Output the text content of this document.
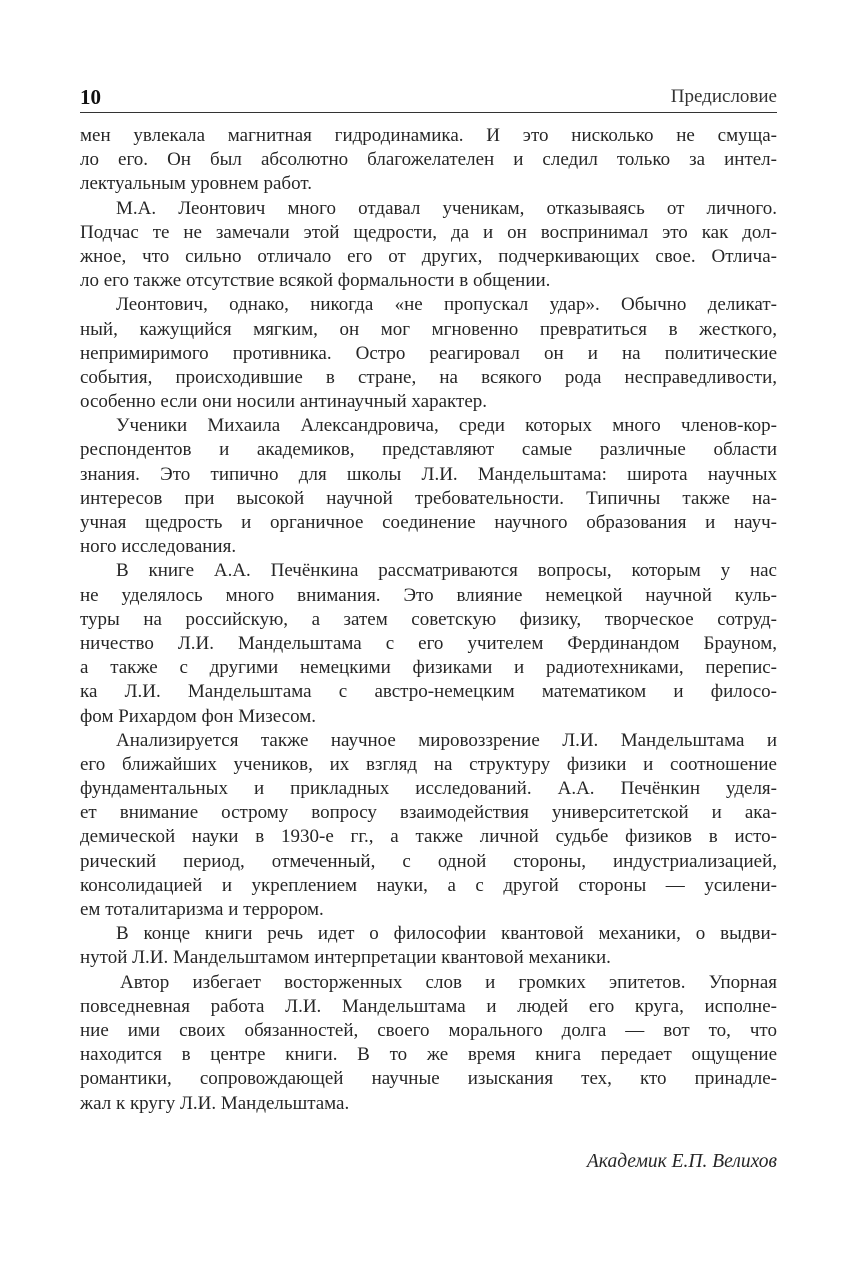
10	Предисловие
мен увлекала магнитная гидродинамика. И это нисколько не смуща-
ло его. Он был абсолютно благожелателен и следил только за интел-
лектуальным уровнем работ.
М.А. Леонтович много отдавал ученикам, отказываясь от личного.
Подчас те не замечали этой щедрости, да и он воспринимал это как дол-
жное, что сильно отличало его от других, подчеркивающих свое. Отлича-
ло его также отсутствие всякой формальности в общении.
Леонтович, однако, никогда «не пропускал удар». Обычно деликат-
ный, кажущийся мягким, он мог мгновенно превратиться в жесткого,
непримиримого противника. Остро реагировал он и на политические
события, происходившие в стране, на всякого рода несправедливости,
особенно если они носили антинаучный характер.
Ученики Михаила Александровича, среди которых много членов-кор-
респондентов и академиков, представляют самые различные области
знания. Это типично для школы Л.И. Мандельштама: широта научных
интересов при высокой научной требовательности. Типичны также на-
учная щедрость и органичное соединение научного образования и науч-
ного исследования.
В книге А.А. Печёнкина рассматриваются вопросы, которым у нас
не уделялось много внимания. Это влияние немецкой научной куль-
туры на российскую, а затем советскую физику, творческое сотруд-
ничество Л.И. Мандельштама с его учителем Фердинандом Брауном,
а также с другими немецкими физиками и радиотехниками, перепис-
ка Л.И. Мандельштама с австро-немецким математиком и филосо-
фом Рихардом фон Мизесом.
Анализируется также научное мировоззрение Л.И. Мандельштама и
его ближайших учеников, их взгляд на структуру физики и соотношение
фундаментальных и прикладных исследований. А.А. Печёнкин уделя-
ет внимание острому вопросу взаимодействия университетской и ака-
демической науки в 1930-е гг., а также личной судьбе физиков в исто-
рический период, отмеченный, с одной стороны, индустриализацией,
консолидацией и укреплением науки, а с другой стороны — усилени-
ем тоталитаризма и террором.
В конце книги речь идет о философии квантовой механики, о выдви-
нутой Л.И. Мандельштамом интерпретации квантовой механики.
Автор избегает восторженных слов и громких эпитетов. Упорная
повседневная работа Л.И. Мандельштама и людей его круга, исполне-
ние ими своих обязанностей, своего морального долга — вот то, что
находится в центре книги. В то же время книга передает ощущение
романтики, сопровождающей научные изыскания тех, кто принадле-
жал к кругу Л.И. Мандельштама.
Академик Е.П. Велихов
